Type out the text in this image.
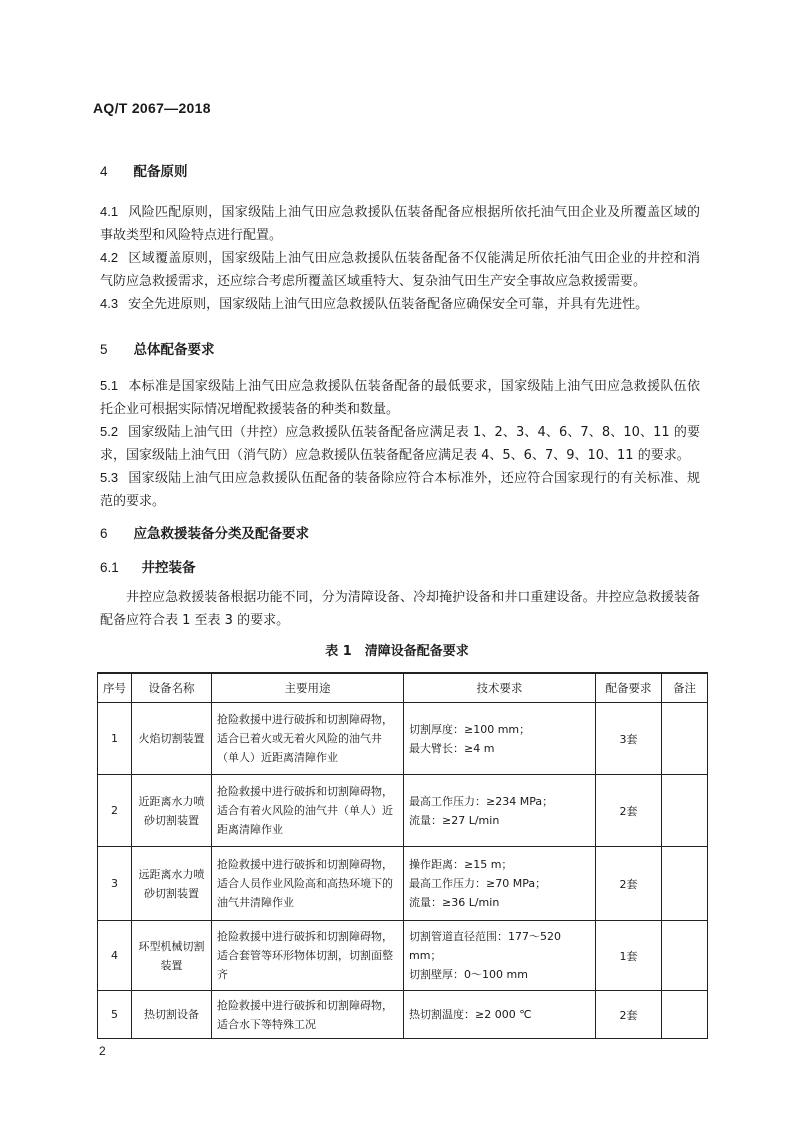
AQ/T 2067—2018
4　 配备原则

4.1 风险匹配原则，国家级陆上油气田应急救援队伍装备配备应根据所依托油气田企业及所覆盖区域的事故类型和风险特点进行配置。

4.2 区域覆盖原则，国家级陆上油气田应急救援队伍装备配备不仅能满足所依托油气田企业的井控和消气防应急救援需求，还应综合考虑所覆盖区域重特大、复杂油气田生产安全事故应急救援需要。

4.3 安全先进原则，国家级陆上油气田应急救援队伍装备配备应确保安全可靠，并具有先进性。

5　 总体配备要求

5.1 本标准是国家级陆上油气田应急救援队伍装备配备的最低要求，国家级陆上油气田应急救援队伍依托企业可根据实际情况增配救援装备的种类和数量。

5.2 国家级陆上油气田（井控）应急救援队伍装备配备应满足表 1、2、3、4、6、7、8、10、11 的要求，国家级陆上油气田（消气防）应急救援队伍装备配备应满足表 4、5、6、7、9、10、11 的要求。

5.3 国家级陆上油气田应急救援队伍配备的装备除应符合本标准外，还应符合国家现行的有关标准、规范的要求。

6　 应急救援装备分类及配备要求
6.1　 井控装备

井控应急救援装备根据功能不同，分为清障设备、冷却掩护设备和井口重建设备。井控应急救援装备配备应符合表 1 至表 3 的要求。

表 1　清障设备配备要求
序号	设备名称	主要用途	技术要求	配备要求	备注
1	火焰切割装置	抢险救援中进行破拆和切割障碍物，适合已着火或无着火风险的油气井（单人）近距离清障作业	切割厚度：≥100 mm；
最大臂长：≥4 m	3套	
2	近距离水力喷砂切割装置	抢险救援中进行破拆和切割障碍物，适合有着火风险的油气井（单人）近距离清障作业	最高工作压力：≥234 MPa；
流量：≥27 L/min	2套	
3	远距离水力喷砂切割装置	抢险救援中进行破拆和切割障碍物，适合人员作业风险高和高热环境下的油气井清障作业	操作距离：≥15 m；
最高工作压力：≥70 MPa；
流量：≥36 L/min	2套	
4	环型机械切割装置	抢险救援中进行破拆和切割障碍物，适合套管等环形物体切割，切割面整齐	切割管道直径范围：177～520 mm；
切割壁厚：0～100 mm	1套	
5	热切割设备	抢险救援中进行破拆和切割障碍物，适合水下等特殊工况	热切割温度：≥2 000 ℃	2套	
2
